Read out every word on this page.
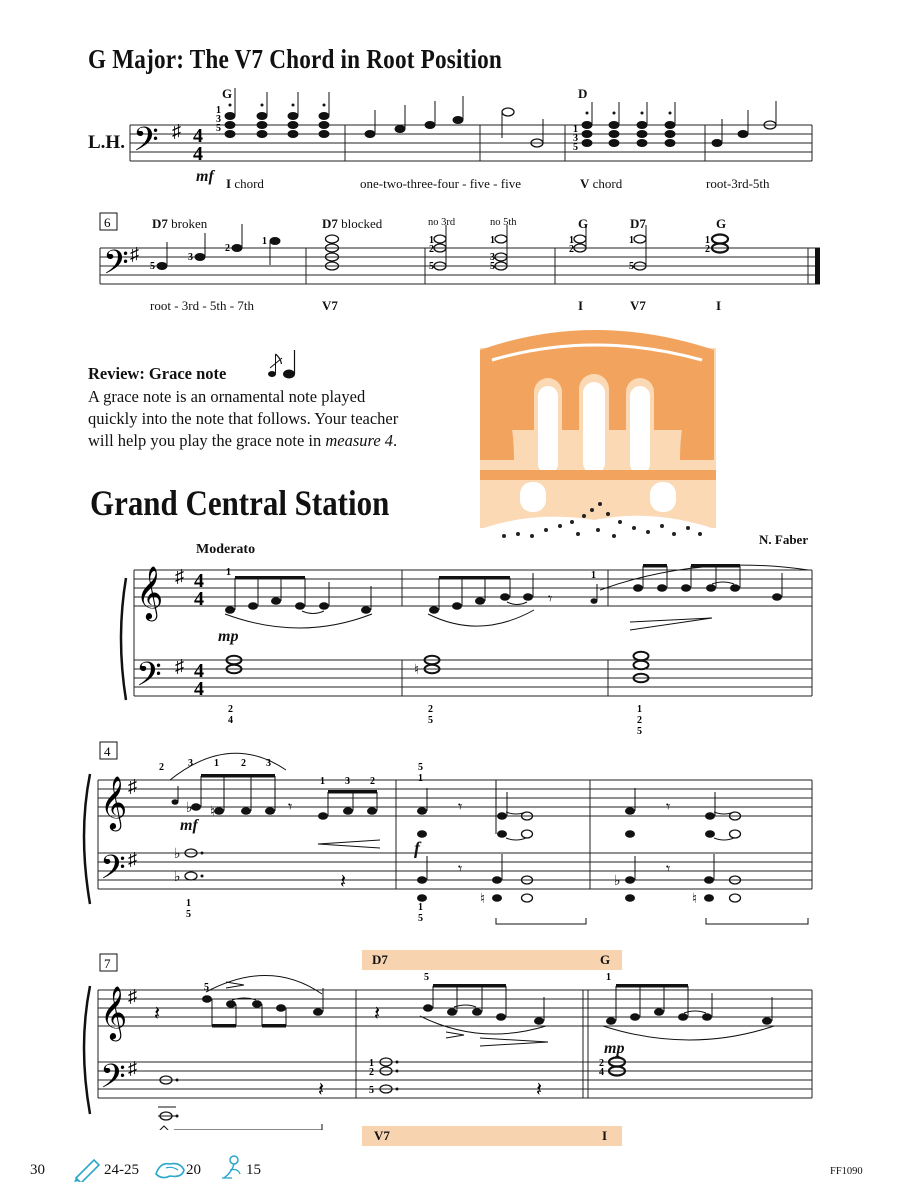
G Major: The V7 Chord in Root Position
𝄢 ♯ 4
4
1
3
5	1
3
5
G	D
L.H.
mf I chord	one-two-three-four - five - five	V chord	root-3rd-5th
6
𝄢 ♯
5
3
2
1	1
2
5
1
3
5
1
2
1
5
1
2
D7 broken	D7 blocked	no 3rd	no 5th	G	D7	G
root - 3rd - 5th - 7th	V7	I	V7	I
Review: Grace note
A grace note is an ornamental note played
quickly into the note that follows. Your teacher
will help you play the grace note in measure 4.
Grand Central Station
N. Faber
Moderato
𝄞
𝄢
♯
♯
4
4
4
4
𝄾
1	1
♮
2
4
2
5
1
2
5
mp
4
𝄞
𝄢
♯
♯
♭ ♮	𝄾	𝄾	𝄾
2 3 1 2 3
1 3 2
5
1
♭
♭	𝄽	♭
♮	♮
𝄾	𝄾
1
5
1
5
mf
f
D7	G
V7	I
7
𝄞
𝄢
♯
♯
𝄽	𝄽
5
5	1
𝄽	𝄽
1
2
5
2
4
mp
30	24-25	20	15	FF1090
